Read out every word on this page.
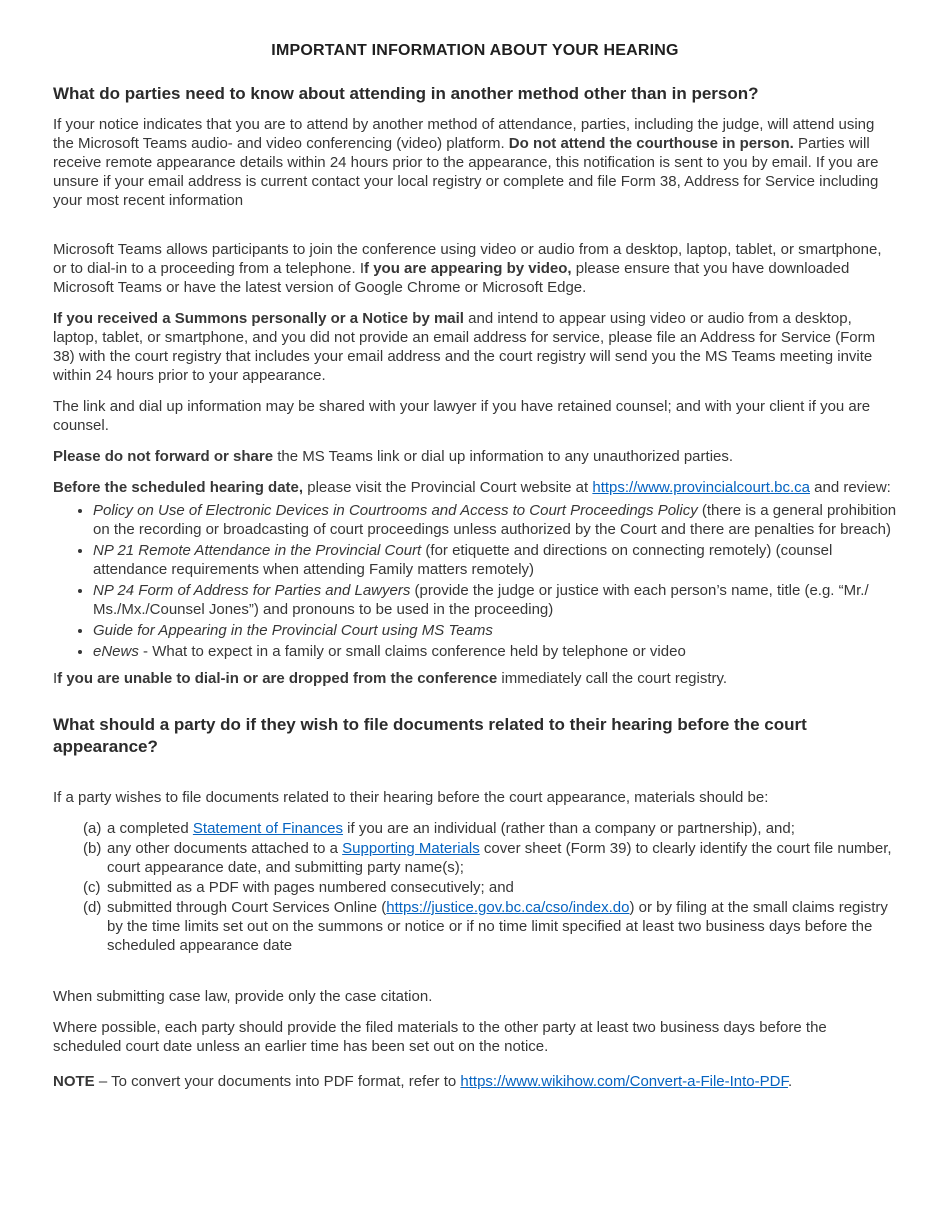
IMPORTANT INFORMATION ABOUT YOUR HEARING
What do parties need to know about attending in another method other than in person?

If your notice indicates that you are to attend by another method of attendance, parties, including the judge, will attend using the Microsoft Teams audio- and video conferencing (video) platform. Do not attend the courthouse in person. Parties will receive remote appearance details within 24 hours prior to the appearance, this notification is sent to you by email. If you are unsure if your email address is current contact your local registry or complete and file Form 38, Address for Service including your most recent information

Microsoft Teams allows participants to join the conference using video or audio from a desktop, laptop, tablet, or smartphone, or to dial-in to a proceeding from a telephone. If you are appearing by video, please ensure that you have downloaded Microsoft Teams or have the latest version of Google Chrome or Microsoft Edge.

If you received a Summons personally or a Notice by mail and intend to appear using video or audio from a desktop, laptop, tablet, or smartphone, and you did not provide an email address for service, please file an Address for Service (Form 38) with the court registry that includes your email address and the court registry will send you the MS Teams meeting invite within 24 hours prior to your appearance.

The link and dial up information may be shared with your lawyer if you have retained counsel; and with your client if you are counsel.

Please do not forward or share the MS Teams link or dial up information to any unauthorized parties.

Before the scheduled hearing date, please visit the Provincial Court website at https://www.provincialcourt.bc.ca and review:

• Policy on Use of Electronic Devices in Courtrooms and Access to Court Proceedings Policy (there is a general prohibition on the recording or broadcasting of court proceedings unless authorized by the Court and there are penalties for breach)
• NP 21 Remote Attendance in the Provincial Court (for etiquette and directions on connecting remotely) (counsel attendance requirements when attending Family matters remotely)
• NP 24 Form of Address for Parties and Lawyers (provide the judge or justice with each person’s name, title (e.g. “Mr./ Ms./Mx./Counsel Jones”) and pronouns to be used in the proceeding)
• Guide for Appearing in the Provincial Court using MS Teams
• eNews - What to expect in a family or small claims conference held by telephone or video

If you are unable to dial-in or are dropped from the conference immediately call the court registry.

What should a party do if they wish to file documents related to their hearing before the court appearance?

If a party wishes to file documents related to their hearing before the court appearance, materials should be:

(a) a completed Statement of Finances if you are an individual (rather than a company or partnership), and;
(b) any other documents attached to a Supporting Materials cover sheet (Form 39) to clearly identify the court file number, court appearance date, and submitting party name(s);
(c) submitted as a PDF with pages numbered consecutively; and
(d) submitted through Court Services Online (https://justice.gov.bc.ca/cso/index.do) or by filing at the small claims registry by the time limits set out on the summons or notice or if no time limit specified at least two business days before the scheduled appearance date

When submitting case law, provide only the case citation.

Where possible, each party should provide the filed materials to the other party at least two business days before the scheduled court date unless an earlier time has been set out on the notice.

NOTE – To convert your documents into PDF format, refer to https://www.wikihow.com/Convert-a-File-Into-PDF.
